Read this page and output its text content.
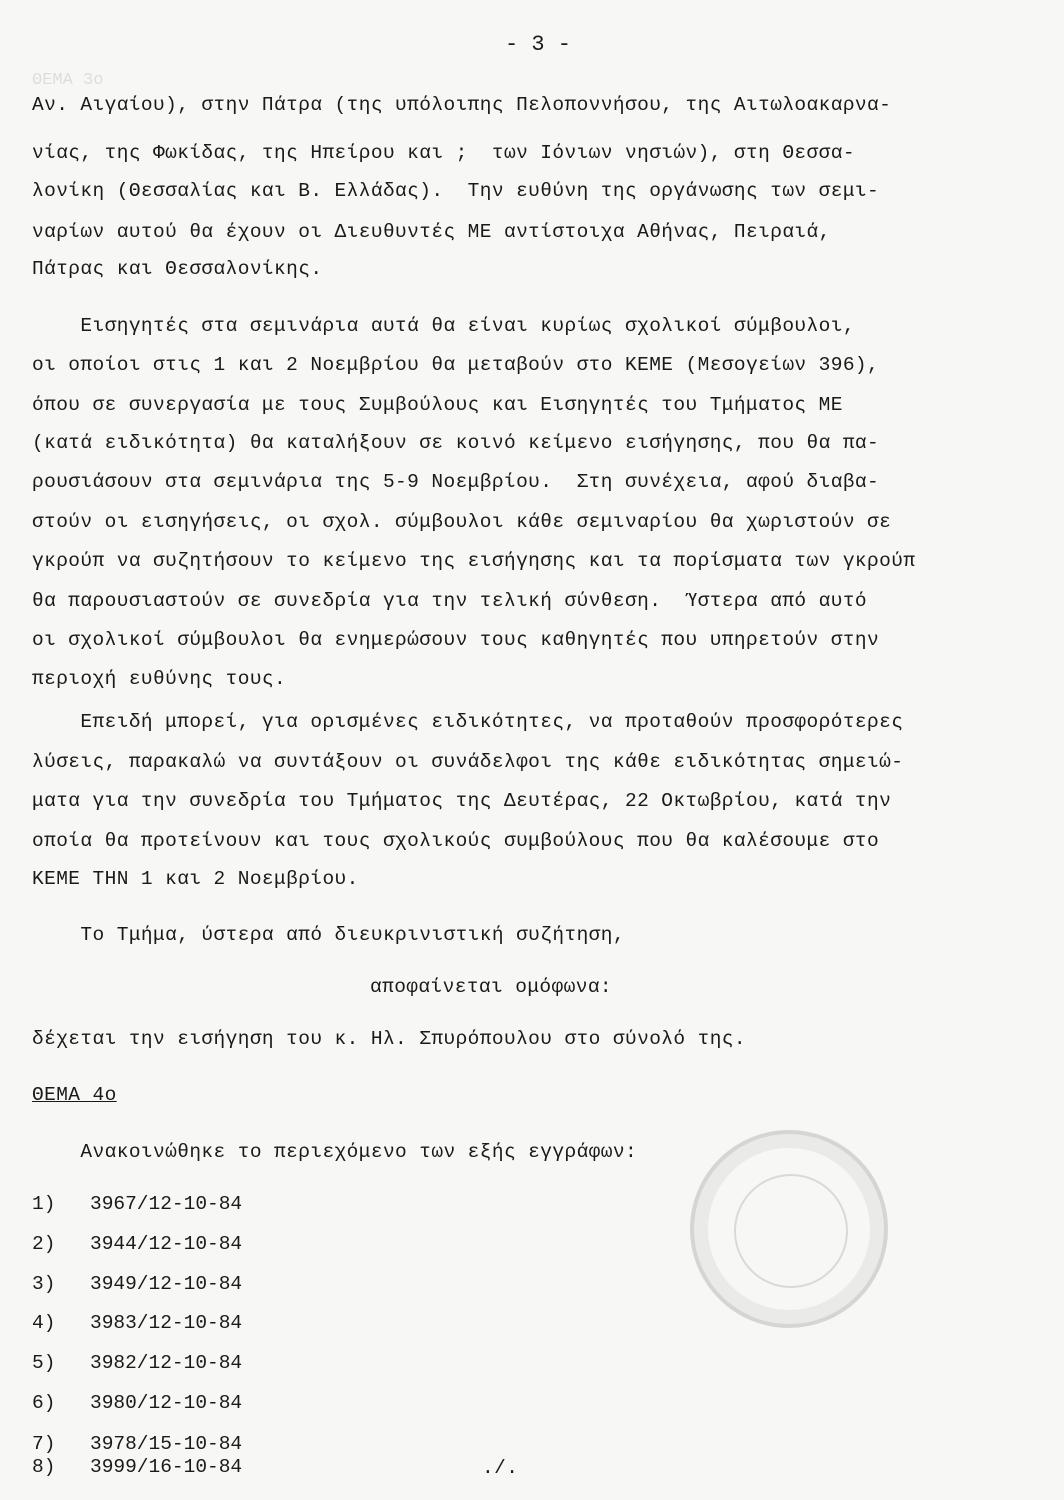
ΘΕΜΑ 3ο
- 3 -
Αν. Αιγαίου), στην Πάτρα (της υπόλοιπης Πελοποννήσου, της Αιτωλοακαρνα-
νίας, της Φωκίδας, της Ηπείρου και ;  των Ιόνιων νησιών), στη Θεσσα-
λονίκη (Θεσσαλίας και Β. Ελλάδας).  Την ευθύνη της οργάνωσης των σεμι-
ναρίων αυτού θα έχουν οι Διευθυντές ΜΕ αντίστοιχα Αθήνας, Πειραιά,
Πάτρας και Θεσσαλονίκης.
Εισηγητές στα σεμινάρια αυτά θα είναι κυρίως σχολικοί σύμβουλοι,
οι οποίοι στις 1 και 2 Νοεμβρίου θα μεταβούν στο ΚΕΜΕ (Μεσογείων 396),
όπου σε συνεργασία με τους Συμβούλους και Εισηγητές του Τμήματος ΜΕ
(κατά ειδικότητα) θα καταλήξουν σε κοινό κείμενο εισήγησης, που θα πα-
ρουσιάσουν στα σεμινάρια της 5-9 Νοεμβρίου.  Στη συνέχεια, αφού διαβα-
στούν οι εισηγήσεις, οι σχολ. σύμβουλοι κάθε σεμιναρίου θα χωριστούν σε
γκρούπ να συζητήσουν το κείμενο της εισήγησης και τα πορίσματα των γκρούπ
θα παρουσιαστούν σε συνεδρία για την τελική σύνθεση.  Ύστερα από αυτό
οι σχολικοί σύμβουλοι θα ενημερώσουν τους καθηγητές που υπηρετούν στην
περιοχή ευθύνης τους.
Επειδή μπορεί, για ορισμένες ειδικότητες, να προταθούν προσφορότερες
λύσεις, παρακαλώ να συντάξουν οι συνάδελφοι της κάθε ειδικότητας σημειώ-
ματα για την συνεδρία του Τμήματος της Δευτέρας, 22 Οκτωβρίου, κατά την
οποία θα προτείνουν και τους σχολικούς συμβούλους που θα καλέσουμε στο
ΚΕΜΕ ΤΗΝ 1 και 2 Νοεμβρίου.
Το Τμήμα, ύστερα από διευκρινιστική συζήτηση,
αποφαίνεται ομόφωνα:
δέχεται την εισήγηση του κ. Ηλ. Σπυρόπουλου στο σύνολό της.
ΘΕΜΑ 4ο
Ανακοινώθηκε το περιεχόμενο των εξής εγγράφων:
1) 3967/12-10-84
2) 3944/12-10-84
3) 3949/12-10-84
4) 3983/12-10-84
5) 3982/12-10-84
6) 3980/12-10-84
7) 3978/15-10-84
8) 3999/16-10-84	./.
